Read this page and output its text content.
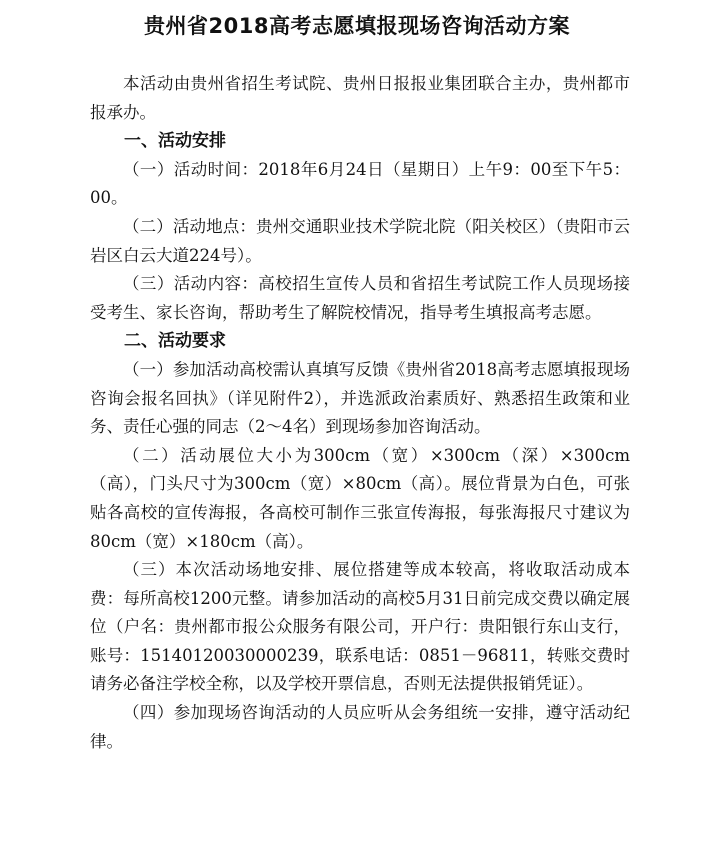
贵州省2018高考志愿填报现场咨询活动方案

本活动由贵州省招生考试院、贵州日报报业集团联合主办，贵州都市报承办。

一、活动安排

（一）活动时间：2018年6月24日（星期日）上午9：00至下午5：00。

（二）活动地点：贵州交通职业技术学院北院（阳关校区）（贵阳市云岩区白云大道224号）。

（三）活动内容：高校招生宣传人员和省招生考试院工作人员现场接受考生、家长咨询，帮助考生了解院校情况，指导考生填报高考志愿。

二、活动要求

（一）参加活动高校需认真填写反馈《贵州省2018高考志愿填报现场咨询会报名回执》（详见附件2），并选派政治素质好、熟悉招生政策和业务、责任心强的同志（2～4名）到现场参加咨询活动。

（二）活动展位大小为300cm（宽）×300cm（深）×300cm（高），门头尺寸为300cm（宽）×80cm（高）。展位背景为白色，可张贴各高校的宣传海报，各高校可制作三张宣传海报，每张海报尺寸建议为80cm（宽）×180cm（高）。

（三）本次活动场地安排、展位搭建等成本较高，将收取活动成本费：每所高校1200元整。请参加活动的高校5月31日前完成交费以确定展位（户名：贵州都市报公众服务有限公司，开户行：贵阳银行东山支行，账号：15140120030000239，联系电话：0851－96811，转账交费时请务必备注学校全称，以及学校开票信息，否则无法提供报销凭证）。

（四）参加现场咨询活动的人员应听从会务组统一安排，遵守活动纪律。
